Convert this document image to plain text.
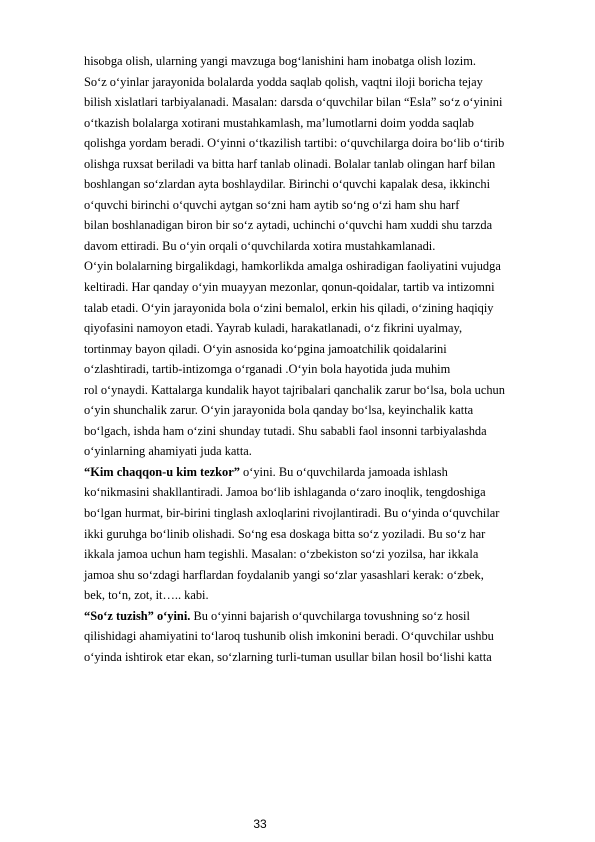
hisobga olish, ularning yangi mavzuga bog‘lanishini ham inobatga olish lozim.
So‘z o‘yinlar jarayonida bolalarda yodda saqlab qolish, vaqtni iloji boricha tejay
bilish xislatlari tarbiyalanadi. Masalan: darsda o‘quvchilar bilan “Esla” so‘z o‘yinini
o‘tkazish bolalarga xotirani mustahkamlash, ma’lumotlarni doim yodda saqlab
qolishga yordam beradi. O‘yinni o‘tkazilish tartibi: o‘quvchilarga doira bo‘lib o‘tirib
olishga ruxsat beriladi va bitta harf tanlab olinadi. Bolalar tanlab olingan harf bilan
boshlangan so‘zlardan ayta boshlaydilar. Birinchi o‘quvchi kapalak desa, ikkinchi
o‘quvchi birinchi o‘quvchi aytgan so‘zni ham aytib so‘ng o‘zi ham shu harf
bilan boshlanadigan biron bir so‘z aytadi, uchinchi o‘quvchi ham xuddi shu tarzda
davom ettiradi. Bu o‘yin orqali o‘quvchilarda xotira mustahkamlanadi.
O‘yin bolalarning birgalikdagi, hamkorlikda amalga oshiradigan faoliyatini vujudga
keltiradi. Har qanday o‘yin muayyan mezonlar, qonun-qoidalar, tartib va intizomni
talab etadi. O‘yin jarayonida bola o‘zini bemalol, erkin his qiladi, o‘zining haqiqiy
qiyofasini namoyon etadi. Yayrab kuladi, harakatlanadi, o‘z fikrini uyalmay,
tortinmay bayon qiladi. O‘yin asnosida ko‘pgina jamoatchilik qoidalarini
o‘zlashtiradi, tartib-intizomga o‘rganadi .O‘yin bola hayotida juda muhim
rol o‘ynaydi. Kattalarga kundalik hayot tajribalari qanchalik zarur bo‘lsa, bola uchun
o‘yin shunchalik zarur. O‘yin jarayonida bola qanday bo‘lsa, keyinchalik katta
bo‘lgach, ishda ham o‘zini shunday tutadi. Shu sababli faol insonni tarbiyalashda
o‘yinlarning ahamiyati juda katta.
“Kim chaqqon-u kim tezkor” o‘yini. Bu o‘quvchilarda jamoada ishlash
ko‘nikmasini shakllantiradi. Jamoa bo‘lib ishlaganda o‘zaro inoqlik, tengdoshiga
bo‘lgan hurmat, bir-birini tinglash axloqlarini rivojlantiradi. Bu o‘yinda o‘quvchilar
ikki guruhga bo‘linib olishadi. So‘ng esa doskaga bitta so‘z yoziladi. Bu so‘z har
ikkala jamoa uchun ham tegishli. Masalan: o‘zbekiston so‘zi yozilsa, har ikkala
jamoa shu so‘zdagi harflardan foydalanib yangi so‘zlar yasashlari kerak: o‘zbek,
bek, to‘n, zot, it….. kabi.
“So‘z tuzish” o‘yini. Bu o‘yinni bajarish o‘quvchilarga tovushning so‘z hosil
qilishidagi ahamiyatini to‘laroq tushunib olish imkonini beradi. O‘quvchilar ushbu
o‘yinda ishtirok etar ekan, so‘zlarning turli-tuman usullar bilan hosil bo‘lishi katta
33
